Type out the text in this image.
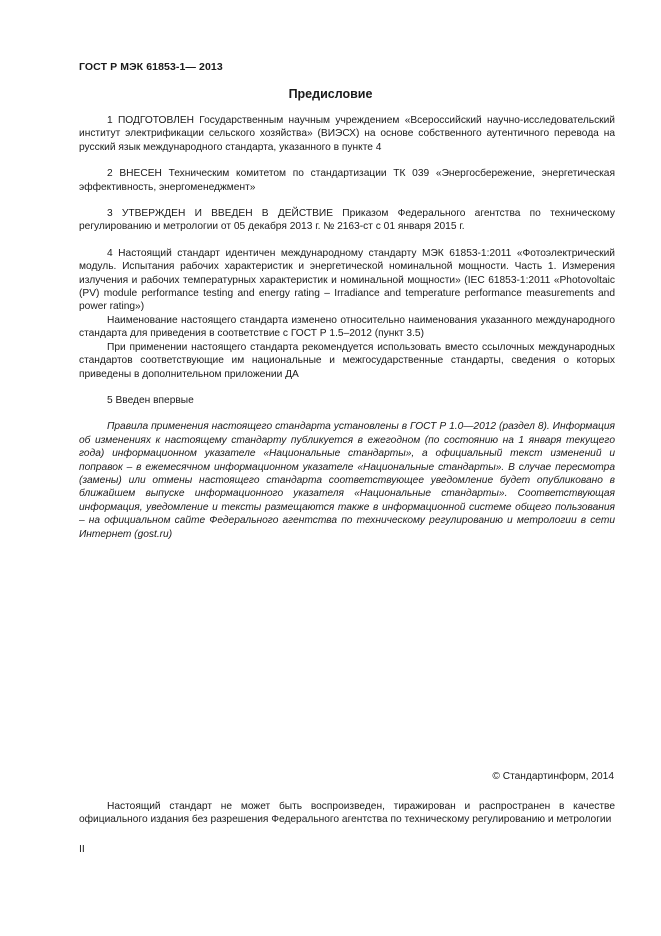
ГОСТ Р МЭК 61853-1— 2013
Предисловие

1 ПОДГОТОВЛЕН Государственным научным учреждением «Всероссийский научно-исследовательский институт электрификации сельского хозяйства» (ВИЭСХ) на основе собственного аутентичного перевода на русский язык международного стандарта, указанного в пункте 4

2 ВНЕСЕН Техническим комитетом по стандартизации ТК 039 «Энергосбережение, энергетическая эффективность, энергоменеджмент»

3 УТВЕРЖДЕН И ВВЕДЕН В ДЕЙСТВИЕ Приказом Федерального агентства по техническому регулированию и метрологии от 05 декабря 2013 г. № 2163-ст с 01 января 2015 г.

4 Настоящий стандарт идентичен международному стандарту МЭК 61853-1:2011 «Фотоэлектрический модуль. Испытания рабочих характеристик и энергетической номинальной мощности. Часть 1. Измерения излучения и рабочих температурных характеристик и номинальной мощности» (IEC 61853-1:2011 «Photovoltaic (PV) module performance testing and energy rating – Irradiance and temperature performance measurements and power rating»)

Наименование настоящего стандарта изменено относительно наименования указанного международного стандарта для приведения в соответствие с ГОСТ Р 1.5–2012 (пункт 3.5)

При применении настоящего стандарта рекомендуется использовать вместо ссылочных международных стандартов соответствующие им национальные и межгосударственные стандарты, сведения о которых приведены в дополнительном приложении ДА

5 Введен впервые

Правила применения настоящего стандарта установлены в ГОСТ Р 1.0—2012 (раздел 8). Информация об изменениях к настоящему стандарту публикуется в ежегодном (по состоянию на 1 января текущего года) информационном указателе «Национальные стандарты», а официальный текст изменений и поправок – в ежемесячном информационном указателе «Национальные стандарты». В случае пересмотра (замены) или отмены настоящего стандарта соответствующее уведомление будет опубликовано в ближайшем выпуске информационного указателя «Национальные стандарты». Соответствующая информация, уведомление и тексты размещаются также в информационной системе общего пользования – на официальном сайте Федерального агентства по техническому регулированию и метрологии в сети Интернет (gost.ru)

© Стандартинформ, 2014
Настоящий стандарт не может быть воспроизведен, тиражирован и распространен в качестве официального издания без разрешения Федерального агентства по техническому регулированию и метрологии
II
